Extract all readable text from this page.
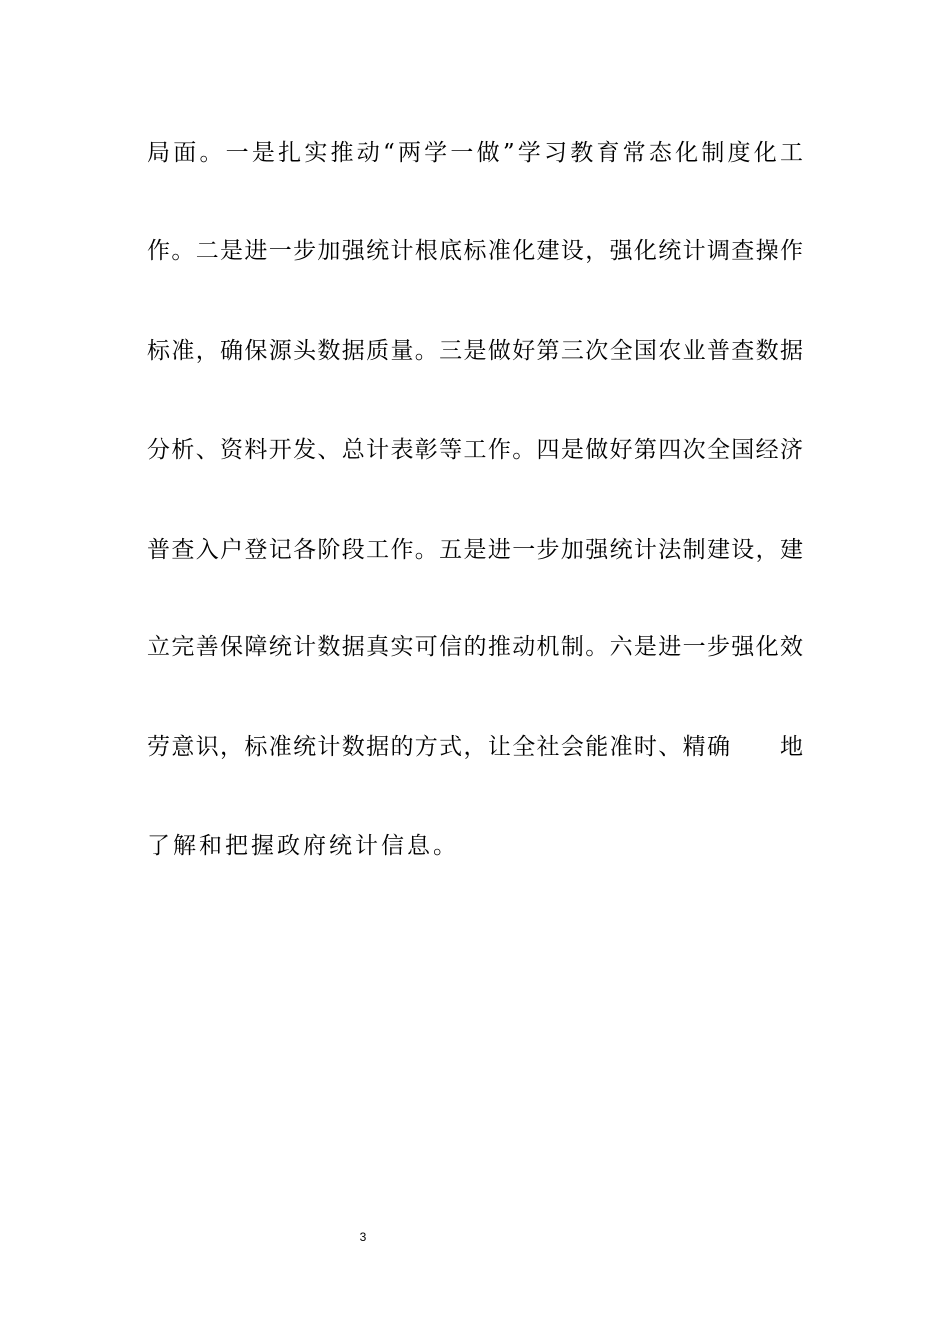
局面。一是扎实推动“两学一做”学习教育常态化制度化工
作。二是进一步加强统计根底标准化建设，强化统计调查操作
标准，确保源头数据质量。三是做好第三次全国农业普查数据
分析、资料开发、总计表彰等工作。四是做好第四次全国经济
普查入户登记各阶段工作。五是进一步加强统计法制建设，建
立完善保障统计数据真实可信的推动机制。六是进一步强化效
劳意识，标准统计数据的方式，让全社会能准时、精确　　地
了解和把握政府统计信息。
3
